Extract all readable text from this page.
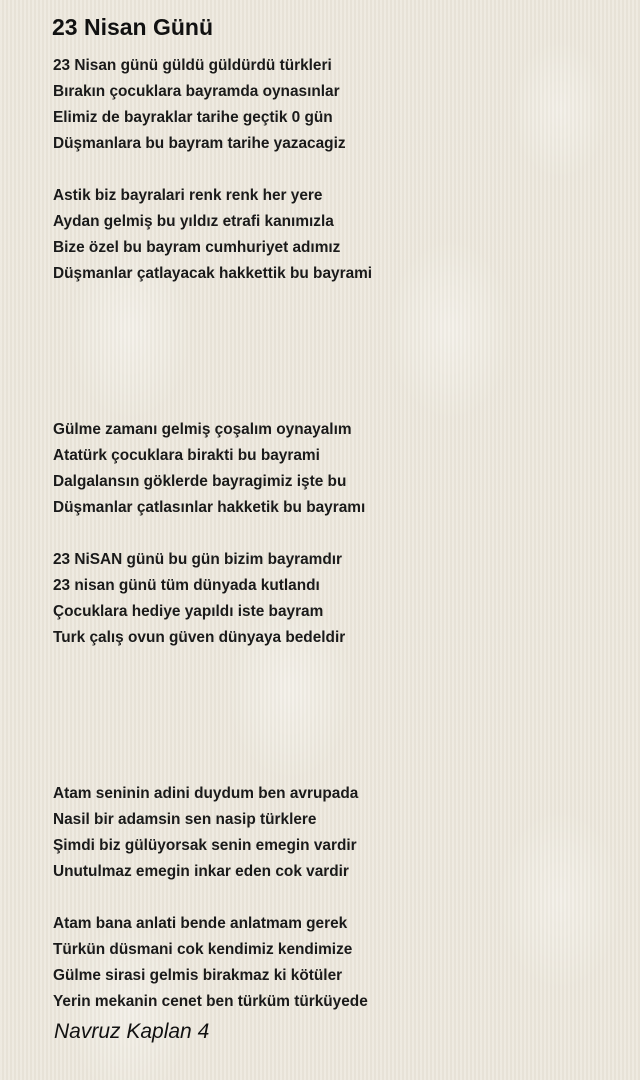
23 Nisan Günü
23 Nisan günü güldü güldürdü türkleri
Bırakın çocuklara bayramda oynasınlar
Elimiz de bayraklar tarihe geçtik 0 gün
Düşmanlara bu bayram tarihe yazacagiz
Astik biz bayralari renk renk her yere
Aydan gelmiş bu yıldız etrafi kanımızla
Bize özel bu bayram cumhuriyet adımız
Düşmanlar çatlayacak hakkettik bu bayrami
Gülme zamanı gelmiş çoşalım oynayalım
Atatürk çocuklara birakti bu bayrami
Dalgalansın göklerde bayragimiz işte bu
Düşmanlar çatlasınlar hakketik bu bayramı
23 NiSAN günü bu gün bizim bayramdır
23 nisan günü tüm dünyada kutlandı
Çocuklara hediye yapıldı iste bayram
Turk çalış ovun güven dünyaya bedeldir
Atam seninin adini duydum ben avrupada
Nasil bir adamsin sen nasip türklere
Şimdi biz gülüyorsak senin emegin vardir
Unutulmaz emegin inkar eden cok vardir
Atam bana anlati bende anlatmam gerek
Türkün düsmani cok kendimiz kendimize
Gülme sirasi gelmis birakmaz ki kötüler
Yerin mekanin cenet ben türküm türküyede
Navruz Kaplan 4
